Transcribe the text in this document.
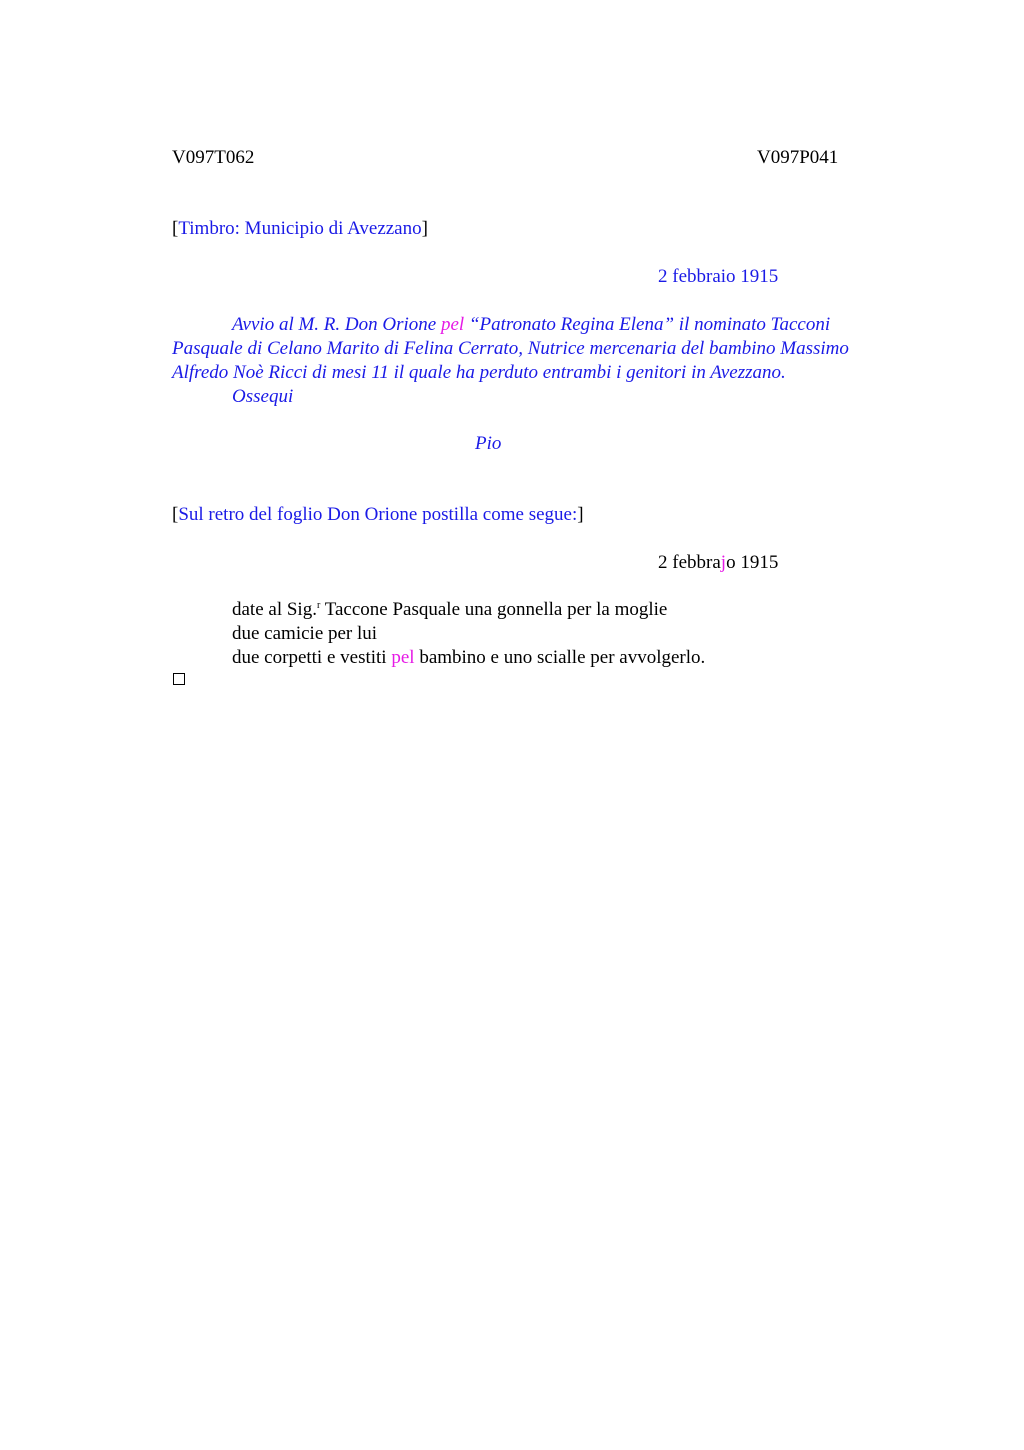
V097T062	V097P041
[Timbro: Municipio di Avezzano]
2 febbraio 1915
Avvio al M. R. Don Orione pel “Patronato Regina Elena” il nominato Tacconi
Pasquale di Celano Marito di Felina Cerrato, Nutrice mercenaria del bambino Massimo
Alfredo Noè Ricci di mesi 11 il quale ha perduto entrambi i genitori in Avezzano.
Ossequi
Pio
[Sul retro del foglio Don Orione postilla come segue:]
2 febbrajo 1915
date al Sig.$^r$ Taccone Pasquale una gonnella per la moglie
due camicie per lui
due corpetti e vestiti pel bambino e uno scialle per avvolgerlo.
